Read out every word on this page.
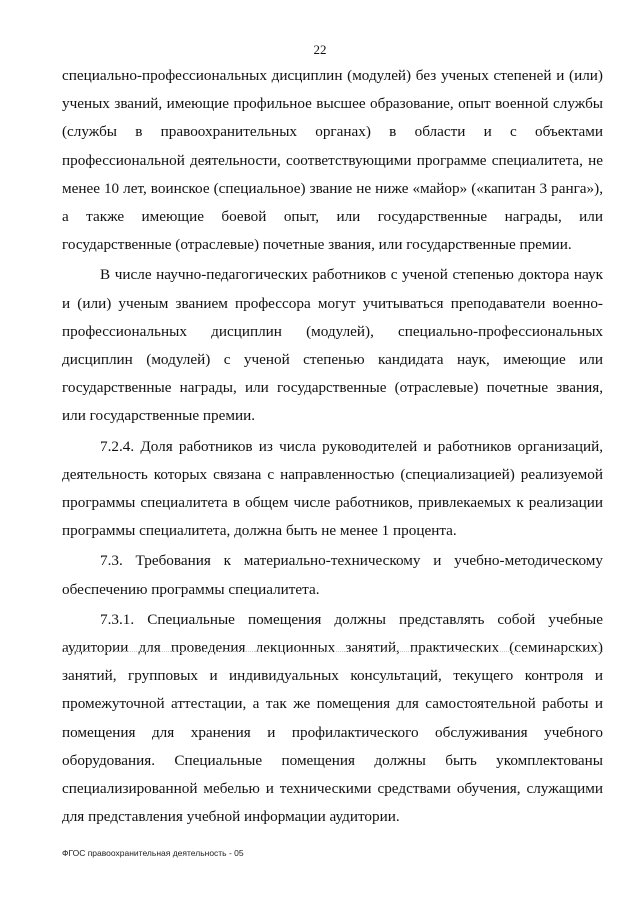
22

специально-профессиональных дисциплин (модулей) без ученых степеней и (или) ученых званий, имеющие профильное высшее образование, опыт военной службы (службы в правоохранительных органах) в области и с объектами профессиональной деятельности, соответствующими программе специалитета, не менее 10 лет, воинское (специальное) звание не ниже «майор» («капитан 3 ранга»), а также имеющие боевой опыт, или государственные награды, или государственные (отраслевые) почетные звания, или государственные премии.

В числе научно-педагогических работников с ученой степенью доктора наук и (или) ученым званием профессора могут учитываться преподаватели военно-профессиональных дисциплин (модулей), специально-профессиональных дисциплин (модулей) с ученой степенью кандидата наук, имеющие или государственные награды, или государственные (отраслевые) почетные звания, или государственные премии.

7.2.4. Доля работников из числа руководителей и работников организаций, деятельность которых связана с направленностью (специализацией) реализуемой программы специалитета в общем числе работников, привлекаемых к реализации программы специалитета, должна быть не менее 1 процента.

7.3. Требования к материально-техническому и учебно-методическому обеспечению программы специалитета.

7.3.1. Специальные помещения должны представлять собой учебные аудитории для проведения лекционных занятий, практических (семинарских) занятий, групповых и индивидуальных консультаций, текущего контроля и промежуточной аттестации, а так же помещения для самостоятельной работы и помещения для хранения и профилактического обслуживания учебного оборудования. Специальные помещения должны быть укомплектованы специализированной мебелью и техническими средствами обучения, служащими для представления учебной информации аудитории.

ФГОС правоохранительная деятельность - 05
